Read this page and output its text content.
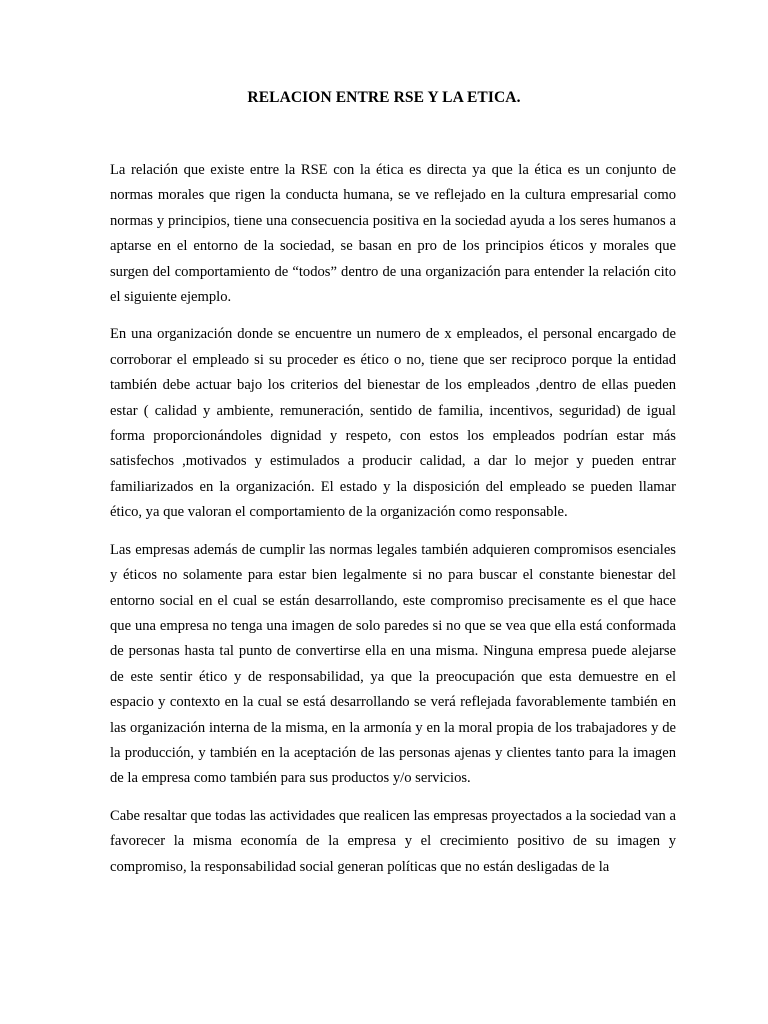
RELACION ENTRE RSE Y LA ETICA.

La relación que existe entre la RSE con la ética es directa ya que la ética es un conjunto de normas morales que rigen la conducta humana, se ve reflejado en la cultura empresarial como normas y principios, tiene una consecuencia positiva en la sociedad ayuda a los seres humanos a aptarse en el entorno de la sociedad, se basan en pro de los principios éticos y morales que surgen del comportamiento de “todos” dentro de una organización para entender la relación cito el siguiente ejemplo.

En una organización donde se encuentre un numero de x empleados, el personal encargado de corroborar el empleado si su proceder es ético o no, tiene que ser reciproco porque la entidad también debe actuar bajo los criterios del bienestar de los empleados ,dentro de ellas pueden estar ( calidad y ambiente, remuneración, sentido de familia, incentivos, seguridad) de igual forma proporcionándoles dignidad y respeto, con estos los empleados podrían estar más satisfechos ,motivados y estimulados a producir calidad, a dar lo mejor y pueden entrar familiarizados en la organización. El estado y la disposición del empleado se pueden llamar ético, ya que valoran el comportamiento de la organización como responsable.

Las empresas además de cumplir las normas legales también adquieren compromisos esenciales y éticos no solamente para estar bien legalmente si no para buscar el constante bienestar del entorno social en el cual se están desarrollando, este compromiso precisamente es el que hace que una empresa no tenga una imagen de solo paredes si no que se vea que ella está conformada de personas hasta tal punto de convertirse ella en una misma. Ninguna empresa puede alejarse de este sentir ético y de responsabilidad, ya que la preocupación que esta demuestre en el espacio y contexto en la cual se está desarrollando se verá reflejada favorablemente también en las organización interna de la misma, en la armonía y en la moral propia de los trabajadores y de la producción, y también en la aceptación de las personas ajenas y clientes tanto para la imagen de la empresa como también para sus productos y/o servicios.

Cabe resaltar que todas las actividades que realicen las empresas proyectados a la sociedad van a favorecer la misma economía de la empresa y el crecimiento positivo de su imagen y compromiso, la responsabilidad social generan políticas que no están desligadas de la
